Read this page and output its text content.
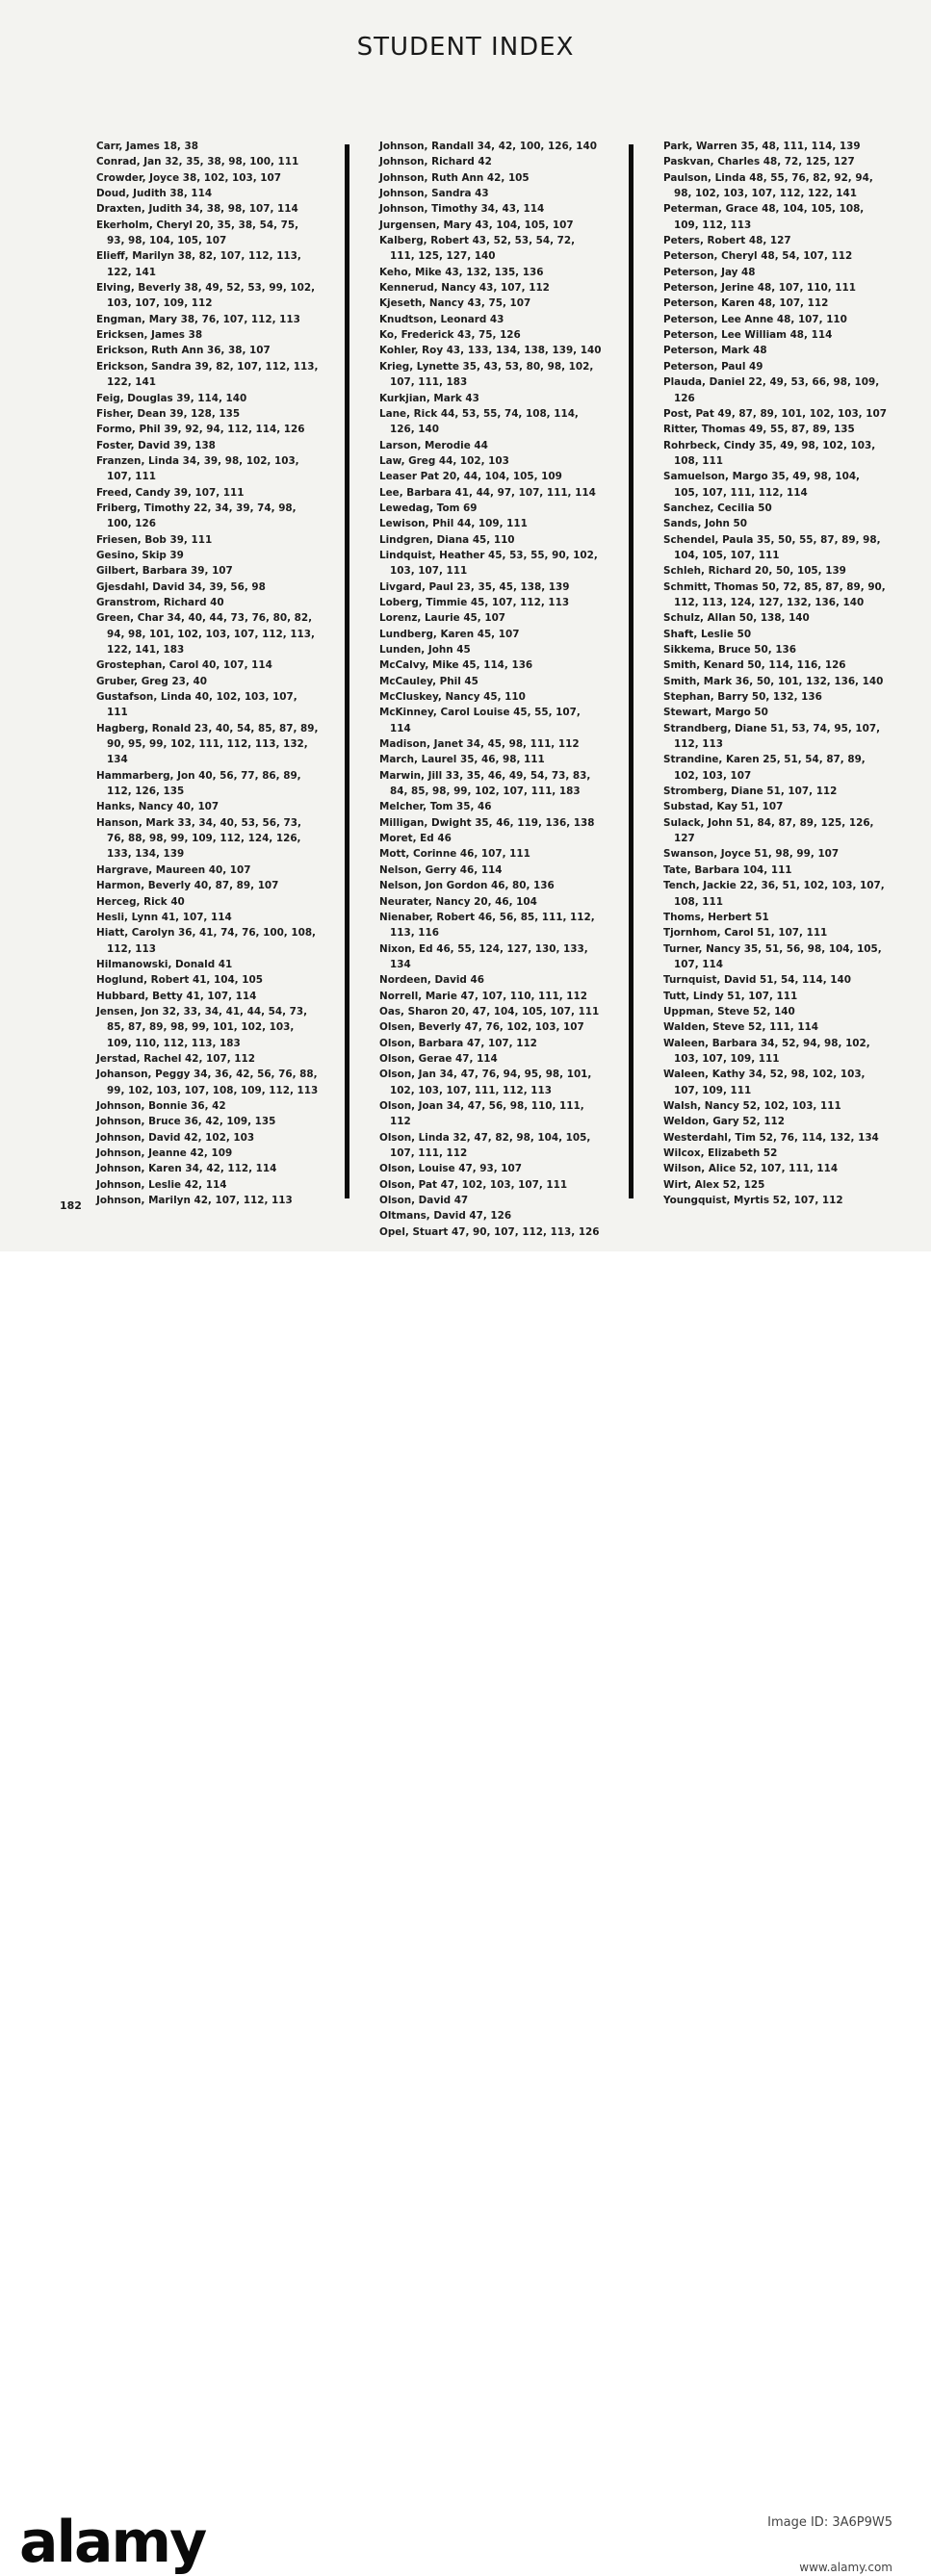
STUDENT INDEX
Carr, James 18, 38
Conrad, Jan 32, 35, 38, 98, 100, 111
Crowder, Joyce 38, 102, 103, 107
Doud, Judith 38, 114
Draxten, Judith 34, 38, 98, 107, 114
Ekerholm, Cheryl 20, 35, 38, 54, 75, 93, 98, 104, 105, 107
Elieff, Marilyn 38, 82, 107, 112, 113, 122, 141
Elving, Beverly 38, 49, 52, 53, 99, 102, 103, 107, 109, 112
Engman, Mary 38, 76, 107, 112, 113
Ericksen, James 38
Erickson, Ruth Ann 36, 38, 107
Erickson, Sandra 39, 82, 107, 112, 113, 122, 141
Feig, Douglas 39, 114, 140
Fisher, Dean 39, 128, 135
Formo, Phil 39, 92, 94, 112, 114, 126
Foster, David 39, 138
Franzen, Linda 34, 39, 98, 102, 103, 107, 111
Freed, Candy 39, 107, 111
Friberg, Timothy 22, 34, 39, 74, 98, 100, 126
Friesen, Bob 39, 111
Gesino, Skip 39
Gilbert, Barbara 39, 107
Gjesdahl, David 34, 39, 56, 98
Granstrom, Richard 40
Green, Char 34, 40, 44, 73, 76, 80, 82, 94, 98, 101, 102, 103, 107, 112, 113, 122, 141, 183
Grostephan, Carol 40, 107, 114
Gruber, Greg 23, 40
Gustafson, Linda 40, 102, 103, 107, 111
Hagberg, Ronald 23, 40, 54, 85, 87, 89, 90, 95, 99, 102, 111, 112, 113, 132, 134
Hammarberg, Jon 40, 56, 77, 86, 89, 112, 126, 135
Hanks, Nancy 40, 107
Hanson, Mark 33, 34, 40, 53, 56, 73, 76, 88, 98, 99, 109, 112, 124, 126, 133, 134, 139
Hargrave, Maureen 40, 107
Harmon, Beverly 40, 87, 89, 107
Herceg, Rick 40
Hesli, Lynn 41, 107, 114
Hiatt, Carolyn 36, 41, 74, 76, 100, 108, 112, 113
Hilmanowski, Donald 41
Hoglund, Robert 41, 104, 105
Hubbard, Betty 41, 107, 114
Jensen, Jon 32, 33, 34, 41, 44, 54, 73, 85, 87, 89, 98, 99, 101, 102, 103, 109, 110, 112, 113, 183
Jerstad, Rachel 42, 107, 112
Johanson, Peggy 34, 36, 42, 56, 76, 88, 99, 102, 103, 107, 108, 109, 112, 113
Johnson, Bonnie 36, 42
Johnson, Bruce 36, 42, 109, 135
Johnson, David 42, 102, 103
Johnson, Jeanne 42, 109
Johnson, Karen 34, 42, 112, 114
Johnson, Leslie 42, 114
Johnson, Marilyn 42, 107, 112, 113
Johnson, Randall 34, 42, 100, 126, 140
Johnson, Richard 42
Johnson, Ruth Ann 42, 105
Johnson, Sandra 43
Johnson, Timothy 34, 43, 114
Jurgensen, Mary 43, 104, 105, 107
Kalberg, Robert 43, 52, 53, 54, 72, 111, 125, 127, 140
Keho, Mike 43, 132, 135, 136
Kennerud, Nancy 43, 107, 112
Kjeseth, Nancy 43, 75, 107
Knudtson, Leonard 43
Ko, Frederick 43, 75, 126
Kohler, Roy 43, 133, 134, 138, 139, 140
Krieg, Lynette 35, 43, 53, 80, 98, 102, 107, 111, 183
Kurkjian, Mark 43
Lane, Rick 44, 53, 55, 74, 108, 114, 126, 140
Larson, Merodie 44
Law, Greg 44, 102, 103
Leaser Pat 20, 44, 104, 105, 109
Lee, Barbara 41, 44, 97, 107, 111, 114
Lewedag, Tom 69
Lewison, Phil 44, 109, 111
Lindgren, Diana 45, 110
Lindquist, Heather 45, 53, 55, 90, 102, 103, 107, 111
Livgard, Paul 23, 35, 45, 138, 139
Loberg, Timmie 45, 107, 112, 113
Lorenz, Laurie 45, 107
Lundberg, Karen 45, 107
Lunden, John 45
McCalvy, Mike 45, 114, 136
McCauley, Phil 45
McCluskey, Nancy 45, 110
McKinney, Carol Louise 45, 55, 107, 114
Madison, Janet 34, 45, 98, 111, 112
March, Laurel 35, 46, 98, 111
Marwin, Jill 33, 35, 46, 49, 54, 73, 83, 84, 85, 98, 99, 102, 107, 111, 183
Melcher, Tom 35, 46
Milligan, Dwight 35, 46, 119, 136, 138
Moret, Ed 46
Mott, Corinne 46, 107, 111
Nelson, Gerry 46, 114
Nelson, Jon Gordon 46, 80, 136
Neurater, Nancy 20, 46, 104
Nienaber, Robert 46, 56, 85, 111, 112, 113, 116
Nixon, Ed 46, 55, 124, 127, 130, 133, 134
Nordeen, David 46
Norrell, Marie 47, 107, 110, 111, 112
Oas, Sharon 20, 47, 104, 105, 107, 111
Olsen, Beverly 47, 76, 102, 103, 107
Olson, Barbara 47, 107, 112
Olson, Gerae 47, 114
Olson, Jan 34, 47, 76, 94, 95, 98, 101, 102, 103, 107, 111, 112, 113
Olson, Joan 34, 47, 56, 98, 110, 111, 112
Olson, Linda 32, 47, 82, 98, 104, 105, 107, 111, 112
Olson, Louise 47, 93, 107
Olson, Pat 47, 102, 103, 107, 111
Olson, David 47
Oltmans, David 47, 126
Opel, Stuart 47, 90, 107, 112, 113, 126
Park, Warren 35, 48, 111, 114, 139
Paskvan, Charles 48, 72, 125, 127
Paulson, Linda 48, 55, 76, 82, 92, 94, 98, 102, 103, 107, 112, 122, 141
Peterman, Grace 48, 104, 105, 108, 109, 112, 113
Peters, Robert 48, 127
Peterson, Cheryl 48, 54, 107, 112
Peterson, Jay 48
Peterson, Jerine 48, 107, 110, 111
Peterson, Karen 48, 107, 112
Peterson, Lee Anne 48, 107, 110
Peterson, Lee William 48, 114
Peterson, Mark 48
Peterson, Paul 49
Plauda, Daniel 22, 49, 53, 66, 98, 109, 126
Post, Pat 49, 87, 89, 101, 102, 103, 107
Ritter, Thomas 49, 55, 87, 89, 135
Rohrbeck, Cindy 35, 49, 98, 102, 103, 108, 111
Samuelson, Margo 35, 49, 98, 104, 105, 107, 111, 112, 114
Sanchez, Cecilia 50
Sands, John 50
Schendel, Paula 35, 50, 55, 87, 89, 98, 104, 105, 107, 111
Schleh, Richard 20, 50, 105, 139
Schmitt, Thomas 50, 72, 85, 87, 89, 90, 112, 113, 124, 127, 132, 136, 140
Schulz, Allan 50, 138, 140
Shaft, Leslie 50
Sikkema, Bruce 50, 136
Smith, Kenard 50, 114, 116, 126
Smith, Mark 36, 50, 101, 132, 136, 140
Stephan, Barry 50, 132, 136
Stewart, Margo 50
Strandberg, Diane 51, 53, 74, 95, 107, 112, 113
Strandine, Karen 25, 51, 54, 87, 89, 102, 103, 107
Stromberg, Diane 51, 107, 112
Substad, Kay 51, 107
Sulack, John 51, 84, 87, 89, 125, 126, 127
Swanson, Joyce 51, 98, 99, 107
Tate, Barbara 104, 111
Tench, Jackie 22, 36, 51, 102, 103, 107, 108, 111
Thoms, Herbert 51
Tjornhom, Carol 51, 107, 111
Turner, Nancy 35, 51, 56, 98, 104, 105, 107, 114
Turnquist, David 51, 54, 114, 140
Tutt, Lindy 51, 107, 111
Uppman, Steve 52, 140
Walden, Steve 52, 111, 114
Waleen, Barbara 34, 52, 94, 98, 102, 103, 107, 109, 111
Waleen, Kathy 34, 52, 98, 102, 103, 107, 109, 111
Walsh, Nancy 52, 102, 103, 111
Weldon, Gary 52, 112
Westerdahl, Tim 52, 76, 114, 132, 134
Wilcox, Elizabeth 52
Wilson, Alice 52, 107, 111, 114
Wirt, Alex 52, 125
Youngquist, Myrtis 52, 107, 112
182
alamy	Image ID: 3A6P9W5
www.alamy.com
